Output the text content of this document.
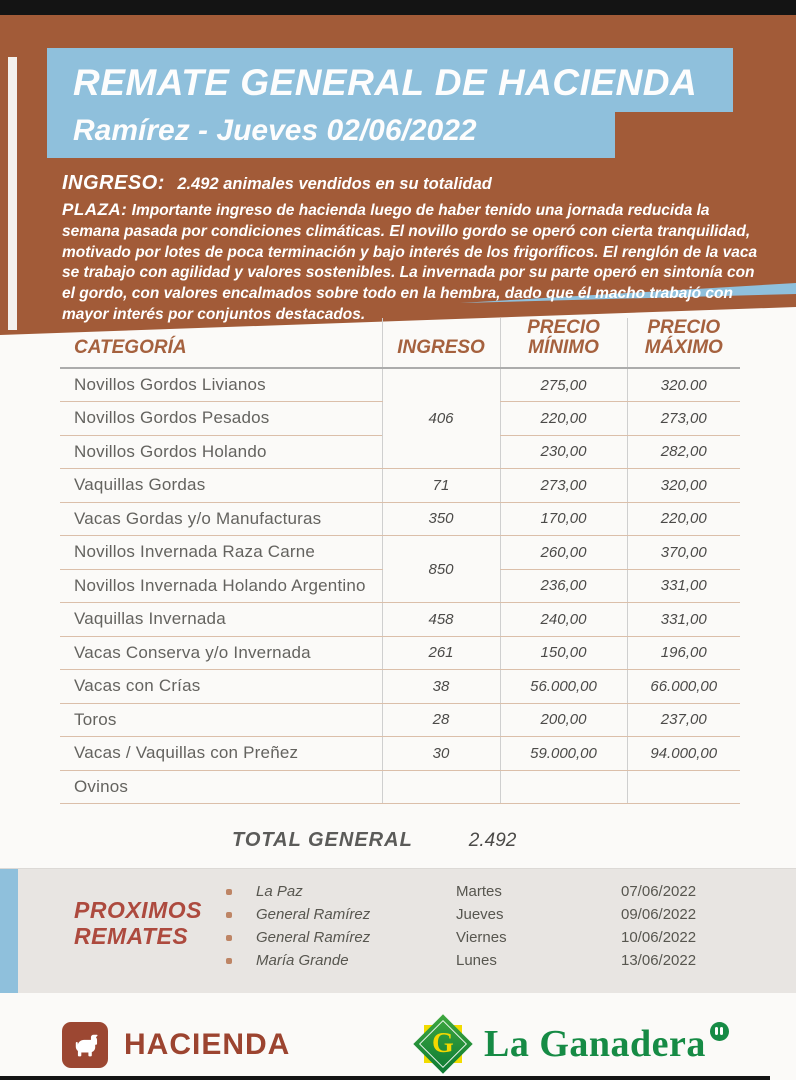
REMATE GENERAL DE HACIENDA
Ramírez - Jueves 02/06/2022
INGRESO: 2.492 animales vendidos en su totalidad
PLAZA: Importante ingreso de hacienda luego de haber tenido una jornada reducida la semana pasada por condiciones climáticas. El novillo gordo se operó con cierta tranquilidad, motivado por lotes de poca terminación y bajo interés de los frigoríficos. El renglón de la vaca se trabajo con agilidad y valores sostenibles. La invernada por su parte operó en sintonía con el gordo, con valores encalmados sobre todo en la hembra, dado que él macho trabajó con mayor interés por conjuntos destacados.
CATEGORÍA	INGRESO	PRECIO MÍNIMO	PRECIO MÁXIMO
Novillos Gordos Livianos	406	275,00	320.00
Novillos Gordos Pesados		220,00	273,00
Novillos Gordos Holando		230,00	282,00
Vaquillas Gordas	71	273,00	320,00
Vacas Gordas y/o Manufacturas	350	170,00	220,00
Novillos Invernada Raza Carne	850	260,00	370,00
Novillos Invernada Holando Argentino		236,00	331,00
Vaquillas Invernada	458	240,00	331,00
Vacas Conserva y/o Invernada	261	150,00	196,00
Vacas con Crías	38	56.000,00	66.000,00
Toros	28	200,00	237,00
Vacas / Vaquillas con Preñez	30	59.000,00	94.000,00
Ovinos			
TOTAL GENERAL	2.492
PROXIMOS
REMATES
La Paz	Martes	07/06/2022
General Ramírez	Jueves	09/06/2022
General Ramírez	Viernes	10/06/2022
María Grande	Lunes	13/06/2022
HACIENDA	G La Ganadera
